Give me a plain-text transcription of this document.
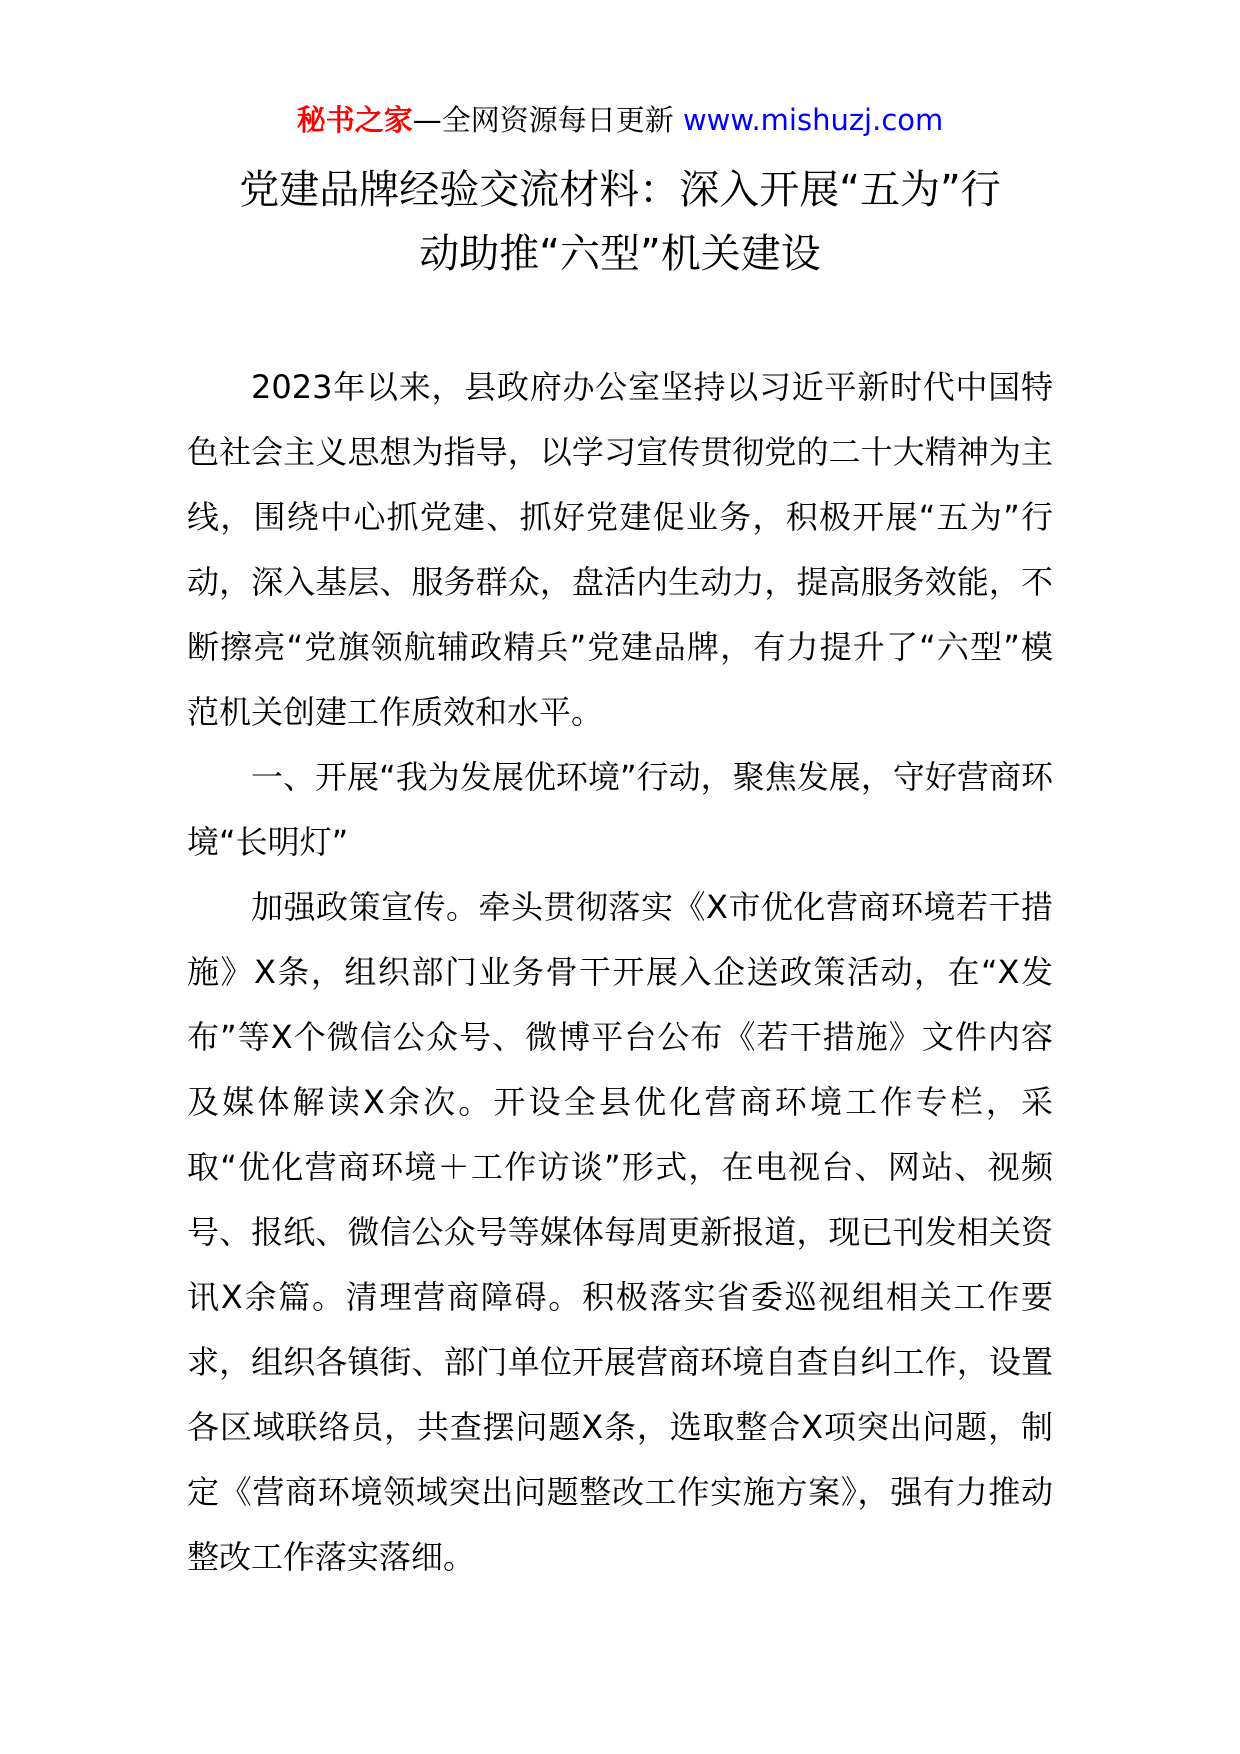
秘书之家—全网资源每日更新 www.mishuzj.com
党建品牌经验交流材料：深入开展“五为”行
动助推“六型”机关建设

2023年以来，县政府办公室坚持以习近平新时代中国特色社会主义思想为指导，以学习宣传贯彻党的二十大精神为主线，围绕中心抓党建、抓好党建促业务，积极开展“五为”行动，深入基层、服务群众，盘活内生动力，提高服务效能，不断擦亮“党旗领航辅政精兵”党建品牌，有力提升了“六型”模范机关创建工作质效和水平。

一、开展“我为发展优环境”行动，聚焦发展，守好营商环境“长明灯”

加强政策宣传。牵头贯彻落实《X市优化营商环境若干措施》X条，组织部门业务骨干开展入企送政策活动，在“X发布”等X个微信公众号、微博平台公布《若干措施》文件内容及媒体解读X余次。开设全县优化营商环境工作专栏，采取“优化营商环境＋工作访谈”形式，在电视台、网站、视频号、报纸、微信公众号等媒体每周更新报道，现已刊发相关资讯X余篇。清理营商障碍。积极落实省委巡视组相关工作要求，组织各镇街、部门单位开展营商环境自查自纠工作，设置各区域联络员，共查摆问题X条，选取整合X项突出问题，制定《营商环境领域突出问题整改工作实施方案》，强有力推动整改工作落实落细。
